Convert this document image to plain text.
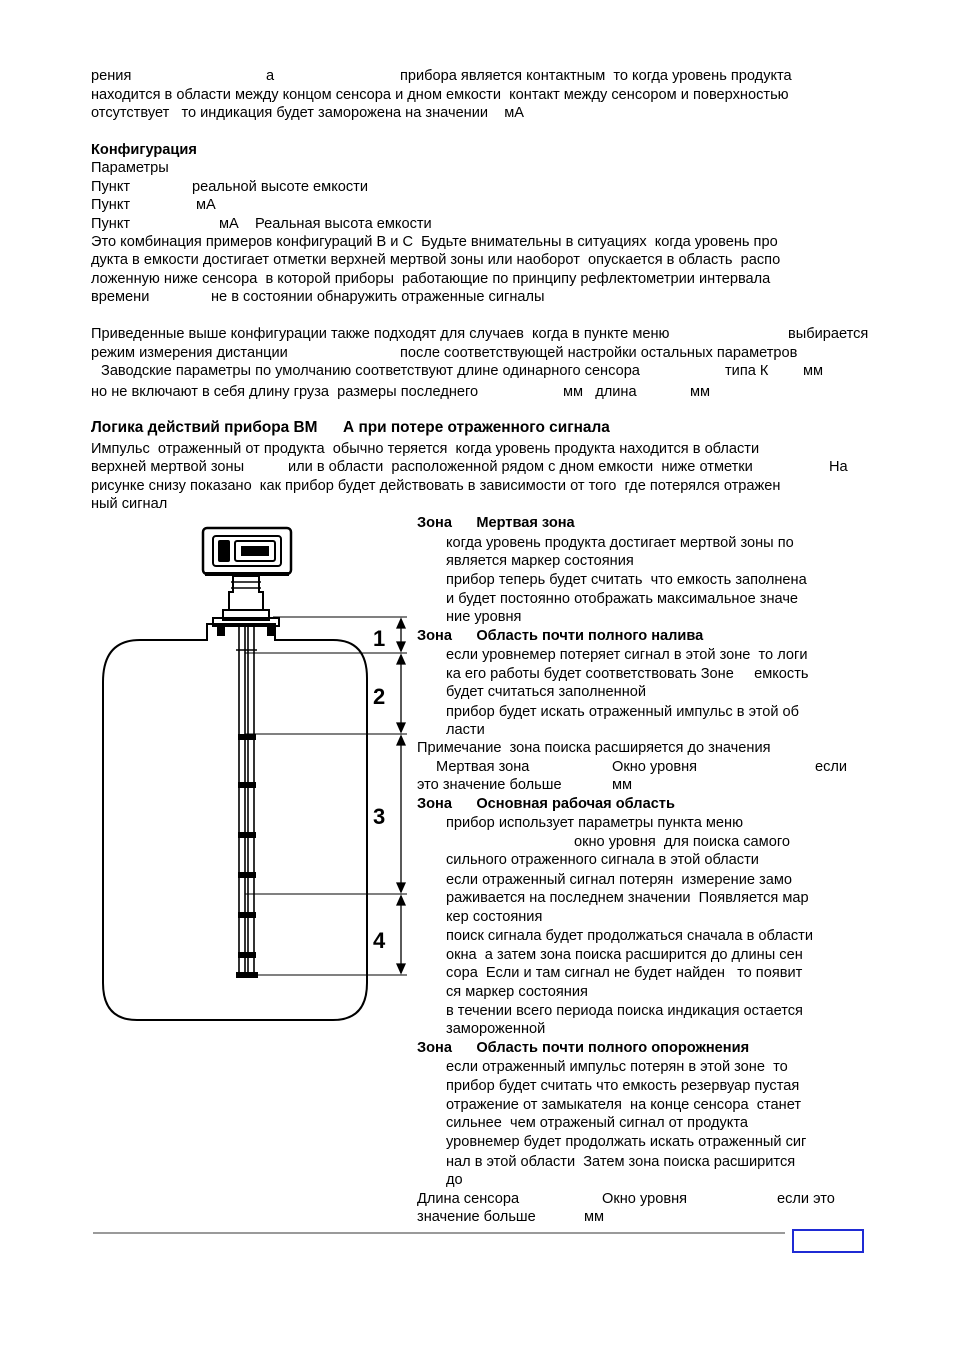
рения	а	прибора является контактным  то когда уровень продукта
находится в области между концом сенсора и дном емкости  контакт между сенсором и поверхностью
отсутствует   то индикация будет заморожена на значении    мА
Конфигурация
Параметры
Пункт	реальной высоте емкости
Пункт	мА
Пункт	мА    Реальная высота емкости
Это комбинация примеров конфигураций В и С  Будьте внимательны в ситуациях  когда уровень про
дукта в емкости достигает отметки верхней мертвой зоны или наоборот  опускается в область  распо
ложенную ниже сенсора  в которой приборы  работающие по принципу рефлектометрии интервала
времени	не в состоянии обнаружить отраженные сигналы
Приведенные выше конфигурации также подходят для случаев  когда в пункте меню	выбирается
режим измерения дистанции	после соответствующей настройки остальных параметров
Заводские параметры по умолчанию соответствуют длине одинарного сенсора	типа К мм
но не включают в себя длину груза  размеры последнего	мм   длина	мм
Логика действий прибора ВМ      А при потере отраженного сигнала
Импульс  отраженный от продукта  обычно теряется  когда уровень продукта находится в области
верхней мертвой зоны	или в области  расположенной рядом с дном емкости  ниже отметки	На
рисунке снизу показано  как прибор будет действовать в зависимости от того  где потерялся отражен
ный сигнал
Зона      Мертвая зона
когда уровень продукта достигает мертвой зоны по
является маркер состояния
прибор теперь будет считать  что емкость заполнена
и будет постоянно отображать максимальное значе
ние уровня
Зона      Область почти полного налива
если уровнемер потеряет сигнал в этой зоне  то логи
ка его работы будет соответствовать Зоне     емкость
будет считаться заполненной
прибор будет искать отраженный импульс в этой об
ласти
Примечание  зона поиска расширяется до значения
Мертвая зона	Окно уровня	если
это значение больше	мм
Зона      Основная рабочая область
прибор использует параметры пункта меню
окно уровня  для поиска самого
сильного отраженного сигнала в этой области
если отраженный сигнал потерян  измерение замо
раживается на последнем значении  Появляется мар
кер состояния
поиск сигнала будет продолжаться сначала в области
окна  а затем зона поиска расширится до длины сен
сора  Если и там сигнал не будет найден   то появит
ся маркер состояния
в течении всего периода поиска индикация остается
замороженной
Зона      Область почти полного опорожнения
если отраженный импульс потерян в этой зоне  то
прибор будет считать что емкость резервуар пустая
отражение от замыкателя  на конце сенсора  станет
сильнее  чем отраженый сигнал от продукта
уровнемер будет продолжать искать отраженный сиг
нал в этой области  Затем зона поиска расширится
до
Длина сенсора	Окно уровня	если это
значение больше	мм
1
2
3
4
